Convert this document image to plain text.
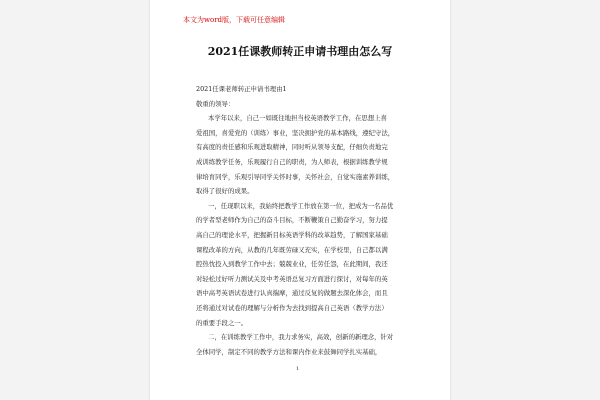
本文为word版，下载可任意编辑
2021任课教师转正申请书理由怎么写

2021任课老师转正申请书理由1

敬重的领导：

本学年以来，自己一如既往地担当校英语教学工作，在思想上喜

爱祖国，喜爱党的（训练）事业，坚决拥护党的基本路线，遵纪守法，

有高度的责任感和乐观进取精神，同时听从领导支配，仔细负责地完

成训练教学任务，乐观履行自己的职责，为人师表，根据训练教学规

律培育同学，乐观引导同学关怀时事，关怀社会，自觉实施素养训练，

取得了很好的成果。

一，任现职以来，我始终把教学工作放在第一位，把成为一名品优

的学者型老师作为自己的奋斗目标，不断鞭策自己勤奋学习，努力提

高自己的理论水平，把握新目标英语学科的改革趋势，了解国家基础

课程改革的方向，从教的几年既劳碌又充实，在学校里，自己都以满

腔热忱投入到教学工作中去；兢兢业业，任劳任怨，在此期间，我还

对轻松过好听力测试关及中考英语总复习方面进行探讨，对每年的英

语中高考英语试卷进行认真揣摩，通过反复的做题去深化体会，而且

还将通过对试卷的理解与分析作为去找到提高自己英语（教学方法）

的重要手段之一。

二，在训练教学工作中，我力求务实，高效，创新的新理念，针对

全体同学，制定不同的教学方法和课内作业来鼓舞同学扎实基础，

1
